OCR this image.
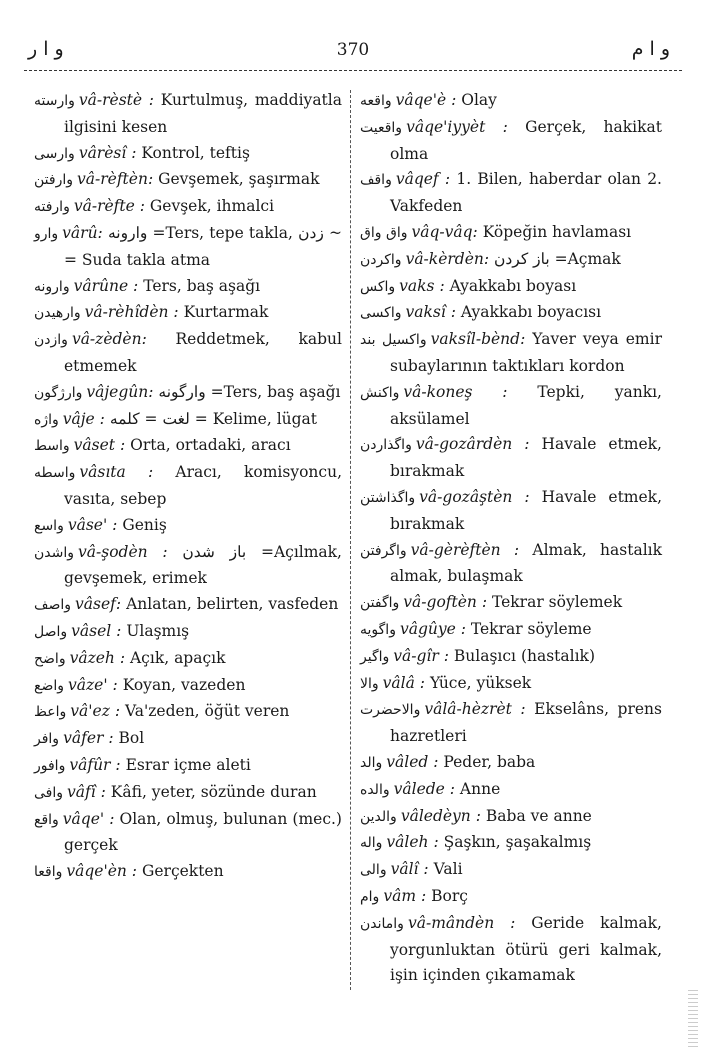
و ا ر	370	و ا م

وارسته vâ-rèstè : Kurtulmuş, maddiyatla ilgisini kesen

وارسى vârèsî : Kontrol, teftiş

وارفتن vâ-rèftèn: Gevşemek, şaşırmak

وارفته vâ-rèfte : Gevşek, ihmalci

وارو vârû: وارونه =Ters, tepe takla, زدن ~ = Suda takla atma

وارونه vârûne : Ters, baş aşağı

وارهيدن vâ-rèhîdèn : Kurtarmak

وازدن vâ-zèdèn: Reddetmek, kabul etmemek

وارژگون vâjegûn: وارگونه =Ters, baş aşağı

واژه vâje : لغت = كلمه = Kelime, lügat

واسط vâset : Orta, ortadaki, aracı

واسطه vâsıta : Aracı, komisyoncu, vasıta, sebep

واسع vâse' : Geniş

واشدن vâ-şodèn : باز شدن =Açılmak, gevşemek, erimek

واصف vâsef: Anlatan, belirten, vasfeden

واصل vâsel : Ulaşmış

واضح vâzeh : Açık, apaçık

واضع vâze' : Koyan, vazeden

واعظ vâ'ez : Va'zeden, öğüt veren

وافر vâfer : Bol

وافور vâfûr : Esrar içme aleti

وافى vâfî : Kâfi, yeter, sözünde duran

واقع vâqe' : Olan, olmuş, bulunan (mec.) gerçek

واقعا vâqe'èn : Gerçekten

واقعه vâqe'è : Olay

واقعيت vâqe'iyyèt : Gerçek, hakikat olma

واقف vâqef : 1. Bilen, haberdar olan 2. Vakfeden

واق واق vâq-vâq: Köpeğin havlaması

واكردن vâ-kèrdèn: باز كردن =Açmak

واكس vaks : Ayakkabı boyası

واكسى vaksî : Ayakkabı boyacısı

واكسيل بند vaksîl-bènd: Yaver veya emir subaylarının taktıkları kordon

واكنش vâ-koneş : Tepki, yankı, aksülamel

واگذاردن vâ-gozârdèn : Havale etmek, bırakmak

واگذاشتن vâ-gozâştèn : Havale etmek, bırakmak

واگرفتن vâ-gèrèftèn : Almak, hastalık almak, bulaşmak

واگفتن vâ-goftèn : Tekrar söylemek

واگويه vâgûye : Tekrar söyleme

واگير vâ-gîr : Bulaşıcı (hastalık)

والا vâlâ : Yüce, yüksek

والاحضرت vâlâ-hèzrèt : Ekselâns, prens hazretleri

والد vâled : Peder, baba

والده vâlede : Anne

والدين vâledèyn : Baba ve anne

واله vâleh : Şaşkın, şaşakalmış

والى vâlî : Vali

وام vâm : Borç

واماندن vâ-mândèn : Geride kalmak, yorgunluktan ötürü geri kalmak, işin içinden çıkamamak
